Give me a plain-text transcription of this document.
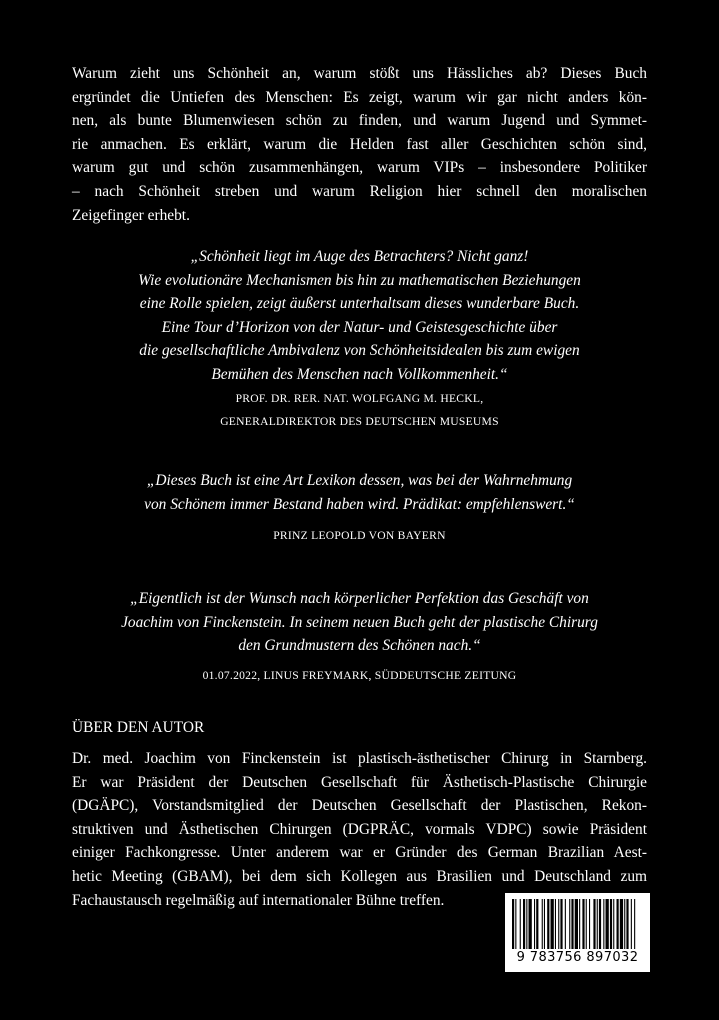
Warum zieht uns Schönheit an, warum stößt uns Hässliches ab? Dieses Buch
ergründet die Untiefen des Menschen: Es zeigt, warum wir gar nicht anders kön-
nen, als bunte Blumenwiesen schön zu finden, und warum Jugend und Symmet-
rie anmachen. Es erklärt, warum die Helden fast aller Geschichten schön sind,
warum gut und schön zusammenhängen, warum VIPs – insbesondere Politiker
– nach Schönheit streben und warum Religion hier schnell den moralischen
Zeigefinger erhebt.
„Schönheit liegt im Auge des Betrachters? Nicht ganz!
Wie evolutionäre Mechanismen bis hin zu mathematischen Beziehungen
eine Rolle spielen, zeigt äußerst unterhaltsam dieses wunderbare Buch.
Eine Tour d’Horizon von der Natur- und Geistesgeschichte über
die gesellschaftliche Ambivalenz von Schönheitsidealen bis zum ewigen
Bemühen des Menschen nach Vollkommenheit.“
PROF. DR. RER. NAT. WOLFGANG M. HECKL,
GENERALDIREKTOR DES DEUTSCHEN MUSEUMS
„Dieses Buch ist eine Art Lexikon dessen, was bei der Wahrnehmung
von Schönem immer Bestand haben wird. Prädikat: empfehlenswert.“
PRINZ LEOPOLD VON BAYERN
„Eigentlich ist der Wunsch nach körperlicher Perfektion das Geschäft von
Joachim von Finckenstein. In seinem neuen Buch geht der plastische Chirurg
den Grundmustern des Schönen nach.“
01.07.2022, LINUS FREYMARK, SÜDDEUTSCHE ZEITUNG
ÜBER DEN AUTOR
Dr. med. Joachim von Finckenstein ist plastisch-ästhetischer Chirurg in Starnberg.
Er war Präsident der Deutschen Gesellschaft für Ästhetisch-Plastische Chirurgie
(DGÄPC), Vorstandsmitglied der Deutschen Gesellschaft der Plastischen, Rekon-
struktiven und Ästhetischen Chirurgen (DGPRÄC, vormals VDPC) sowie Präsident
einiger Fachkongresse. Unter anderem war er Gründer des German Brazilian Aest-
hetic Meeting (GBAM), bei dem sich Kollegen aus Brasilien und Deutschland zum
Fachaustausch regelmäßig auf internationaler Bühne treffen.
9 783756 897032
